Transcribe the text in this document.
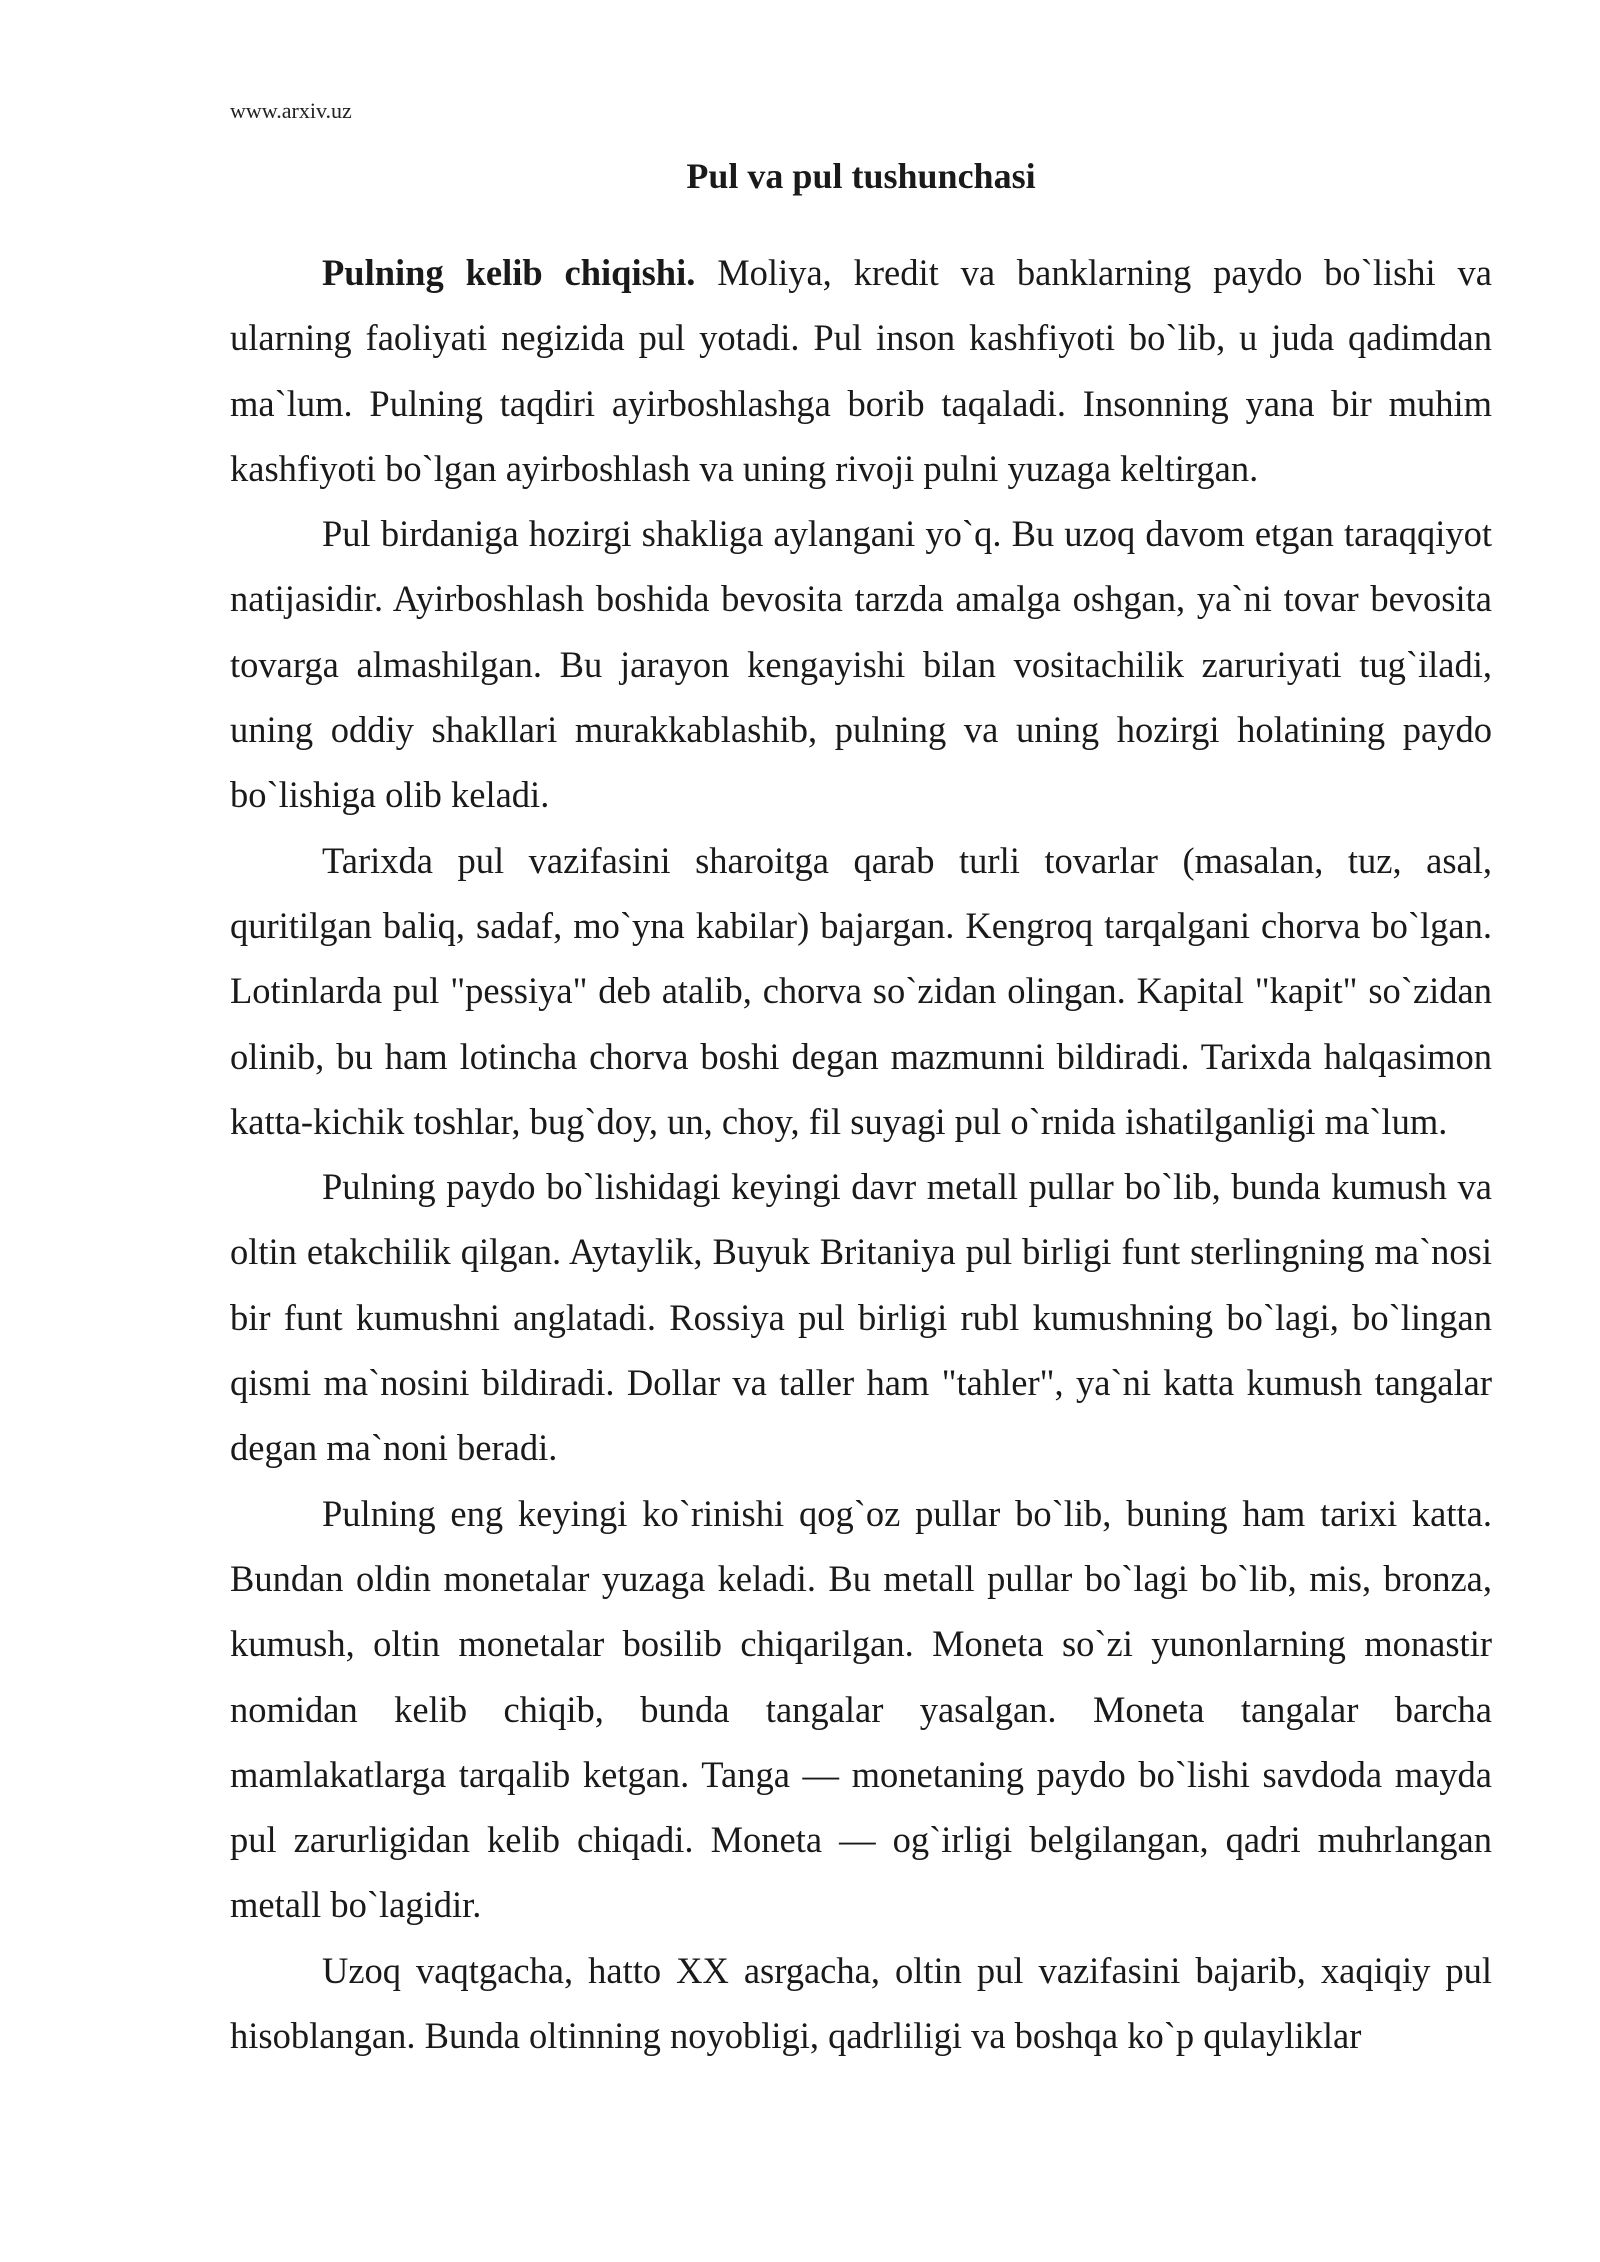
www.arxiv.uz
Pul va pul tushunchasi

Pulning kelib chiqishi. Moliya, kredit va banklarning paydo bo`lishi va ularning faoliyati negizida pul yotadi. Pul inson kashfiyoti bo`lib, u juda qadimdan ma`lum. Pulning taqdiri ayirboshlashga borib taqaladi. Insonning yana bir muhim kashfiyoti bo`lgan ayirboshlash va uning rivoji pulni yuzaga keltirgan.

Pul birdaniga hozirgi shakliga aylangani yo`q. Bu uzoq davom etgan taraqqiyot natijasidir. Ayirboshlash boshida bevosita tarzda amalga oshgan, ya`ni tovar bevosita tovarga almashilgan. Bu jarayon kengayishi bilan vositachilik zaruriyati tug`iladi, uning oddiy shakllari murakkablashib, pulning va uning hozirgi holatining paydo bo`lishiga olib keladi.

Tarixda pul vazifasini sharoitga qarab turli tovarlar (masalan, tuz, asal, quritilgan baliq, sadaf, mo`yna kabilar) bajargan. Kengroq tarqalgani chorva bo`lgan. Lotinlarda pul "pessiya" deb atalib, chorva so`zidan olingan. Kapital "kapit" so`zidan olinib, bu ham lotincha chorva boshi degan mazmunni bildiradi. Tarixda halqasimon katta-kichik toshlar, bug`doy, un, choy, fil suyagi pul o`rnida ishatilganligi ma`lum.

Pulning paydo bo`lishidagi keyingi davr metall pullar bo`lib, bunda kumush va oltin etakchilik qilgan. Aytaylik, Buyuk Britaniya pul birligi funt sterlingning ma`nosi bir funt kumushni anglatadi. Rossiya pul birligi rubl kumushning bo`lagi, bo`lingan qismi ma`nosini bildiradi. Dollar va taller ham "tahler", ya`ni katta kumush tangalar degan ma`noni beradi.

Pulning eng keyingi ko`rinishi qog`oz pullar bo`lib, buning ham tarixi katta. Bundan oldin monetalar yuzaga keladi. Bu metall pullar bo`lagi bo`lib, mis, bronza, kumush, oltin monetalar bosilib chiqarilgan. Moneta so`zi yunonlarning monastir nomidan kelib chiqib, bunda tangalar yasalgan. Moneta tangalar barcha mamlakatlarga tarqalib ketgan. Tanga — monetaning paydo bo`lishi savdoda mayda pul zarurligidan kelib chiqadi. Moneta — og`irligi belgilangan, qadri muhrlangan metall bo`lagidir.

Uzoq vaqtgacha, hatto XX asrgacha, oltin pul vazifasini bajarib, xaqiqiy pul hisoblangan. Bunda oltinning noyobligi, qadrliligi va boshqa ko`p qulayliklar
